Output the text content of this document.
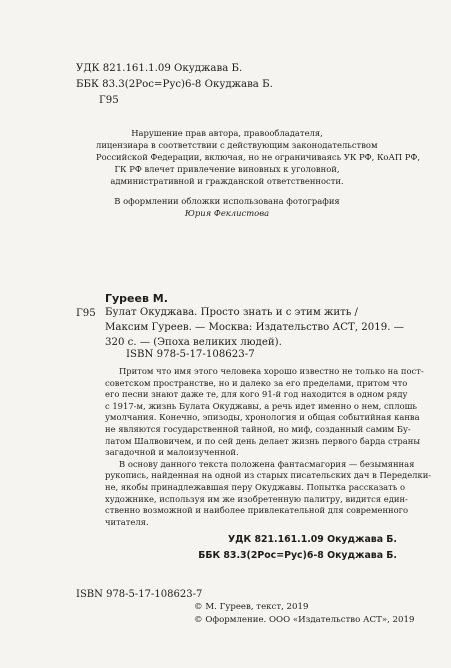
УДК 821.161.1.09 Окуджава Б.
ББК 83.3(2Рос=Рус)6-8 Окуджава Б.
Г95
Нарушение прав автора, правообладателя,
лицензиара в соответствии с действующим законодательством
Российской Федерации, включая, но не ограничиваясь УК РФ, КоАП РФ,
ГК РФ влечет привлечение виновных к уголовной,
административной и гражданской ответственности.
В оформлении обложки использована фотография
Юрия Феклистова
Гуреев М.
Г95 Булат Окуджава. Просто знать и с этим жить /
Максим Гуреев. — Москва: Издательство АСТ, 2019. —
320 с. — (Эпоха великих людей).
ISBN 978-5-17-108623-7
Притом что имя этого человека хорошо известно не только на пост-
советском пространстве, но и далеко за его пределами, притом что
его песни знают даже те, для кого 91-й год находится в одном ряду
с 1917-м, жизнь Булата Окуджавы, а речь идет именно о нем, сплошь
умолчания. Конечно, эпизоды, хронология и общая событийная канва
не являются государственной тайной, но миф, созданный самим Бу-
латом Шалвовичем, и по сей день делает жизнь первого барда страны
загадочной и малоизученной.
В основу данного текста положена фантасмагория — безымянная
рукопись, найденная на одной из старых писательских дач в Переделки-
не, якобы принадлежавшая перу Окуджавы. Попытка рассказать о
художнике, используя им же изобретенную палитру, видится един-
ственно возможной и наиболее привлекательной для современного
читателя.
УДК 821.161.1.09 Окуджава Б.
ББК 83.3(2Рос=Рус)6-8 Окуджава Б.
ISBN 978-5-17-108623-7
© М. Гуреев, текст, 2019
© Оформление. ООО «Издательство АСТ», 2019
